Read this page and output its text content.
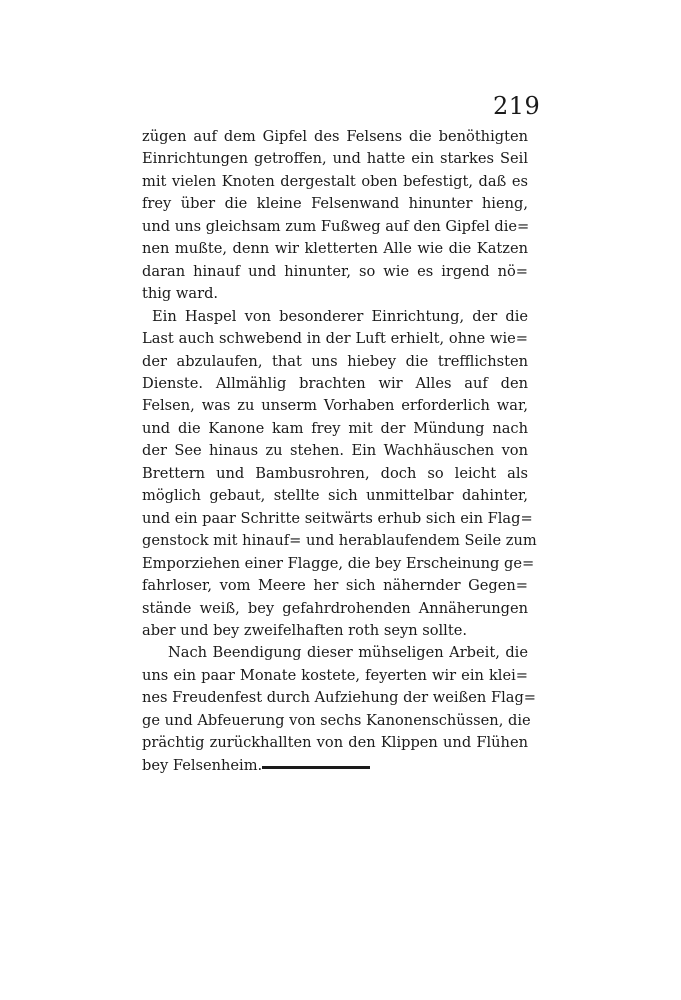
219
zügen auf dem Gipfel des Felsens die benöthigten
Einrichtungen getroffen, und hatte ein starkes Seil
mit vielen Knoten dergestalt oben befestigt, daß es
frey über die kleine Felsenwand hinunter hieng,
und uns gleichsam zum Fußweg auf den Gipfel die=
nen mußte, denn wir kletterten Alle wie die Katzen
daran hinauf und hinunter, so wie es irgend nö=
thig ward.
Ein Haspel von besonderer Einrichtung, der die
Last auch schwebend in der Luft erhielt, ohne wie=
der abzulaufen, that uns hiebey die trefflichsten
Dienste. Allmählig brachten wir Alles auf den
Felsen, was zu unserm Vorhaben erforderlich war,
und die Kanone kam frey mit der Mündung nach
der See hinaus zu stehen. Ein Wachhäuschen von
Brettern und Bambusrohren, doch so leicht als
möglich gebaut, stellte sich unmittelbar dahinter,
und ein paar Schritte seitwärts erhub sich ein Flag=
genstock mit hinauf= und herablaufendem Seile zum
Emporziehen einer Flagge, die bey Erscheinung ge=
fahrloser, vom Meere her sich nähernder Gegen=
stände weiß, bey gefahrdrohenden Annäherungen
aber und bey zweifelhaften roth seyn sollte.
Nach Beendigung dieser mühseligen Arbeit, die
uns ein paar Monate kostete, feyerten wir ein klei=
nes Freudenfest durch Aufziehung der weißen Flag=
ge und Abfeuerung von sechs Kanonenschüssen, die
prächtig zurückhallten von den Klippen und Flühen
bey Felsenheim.
